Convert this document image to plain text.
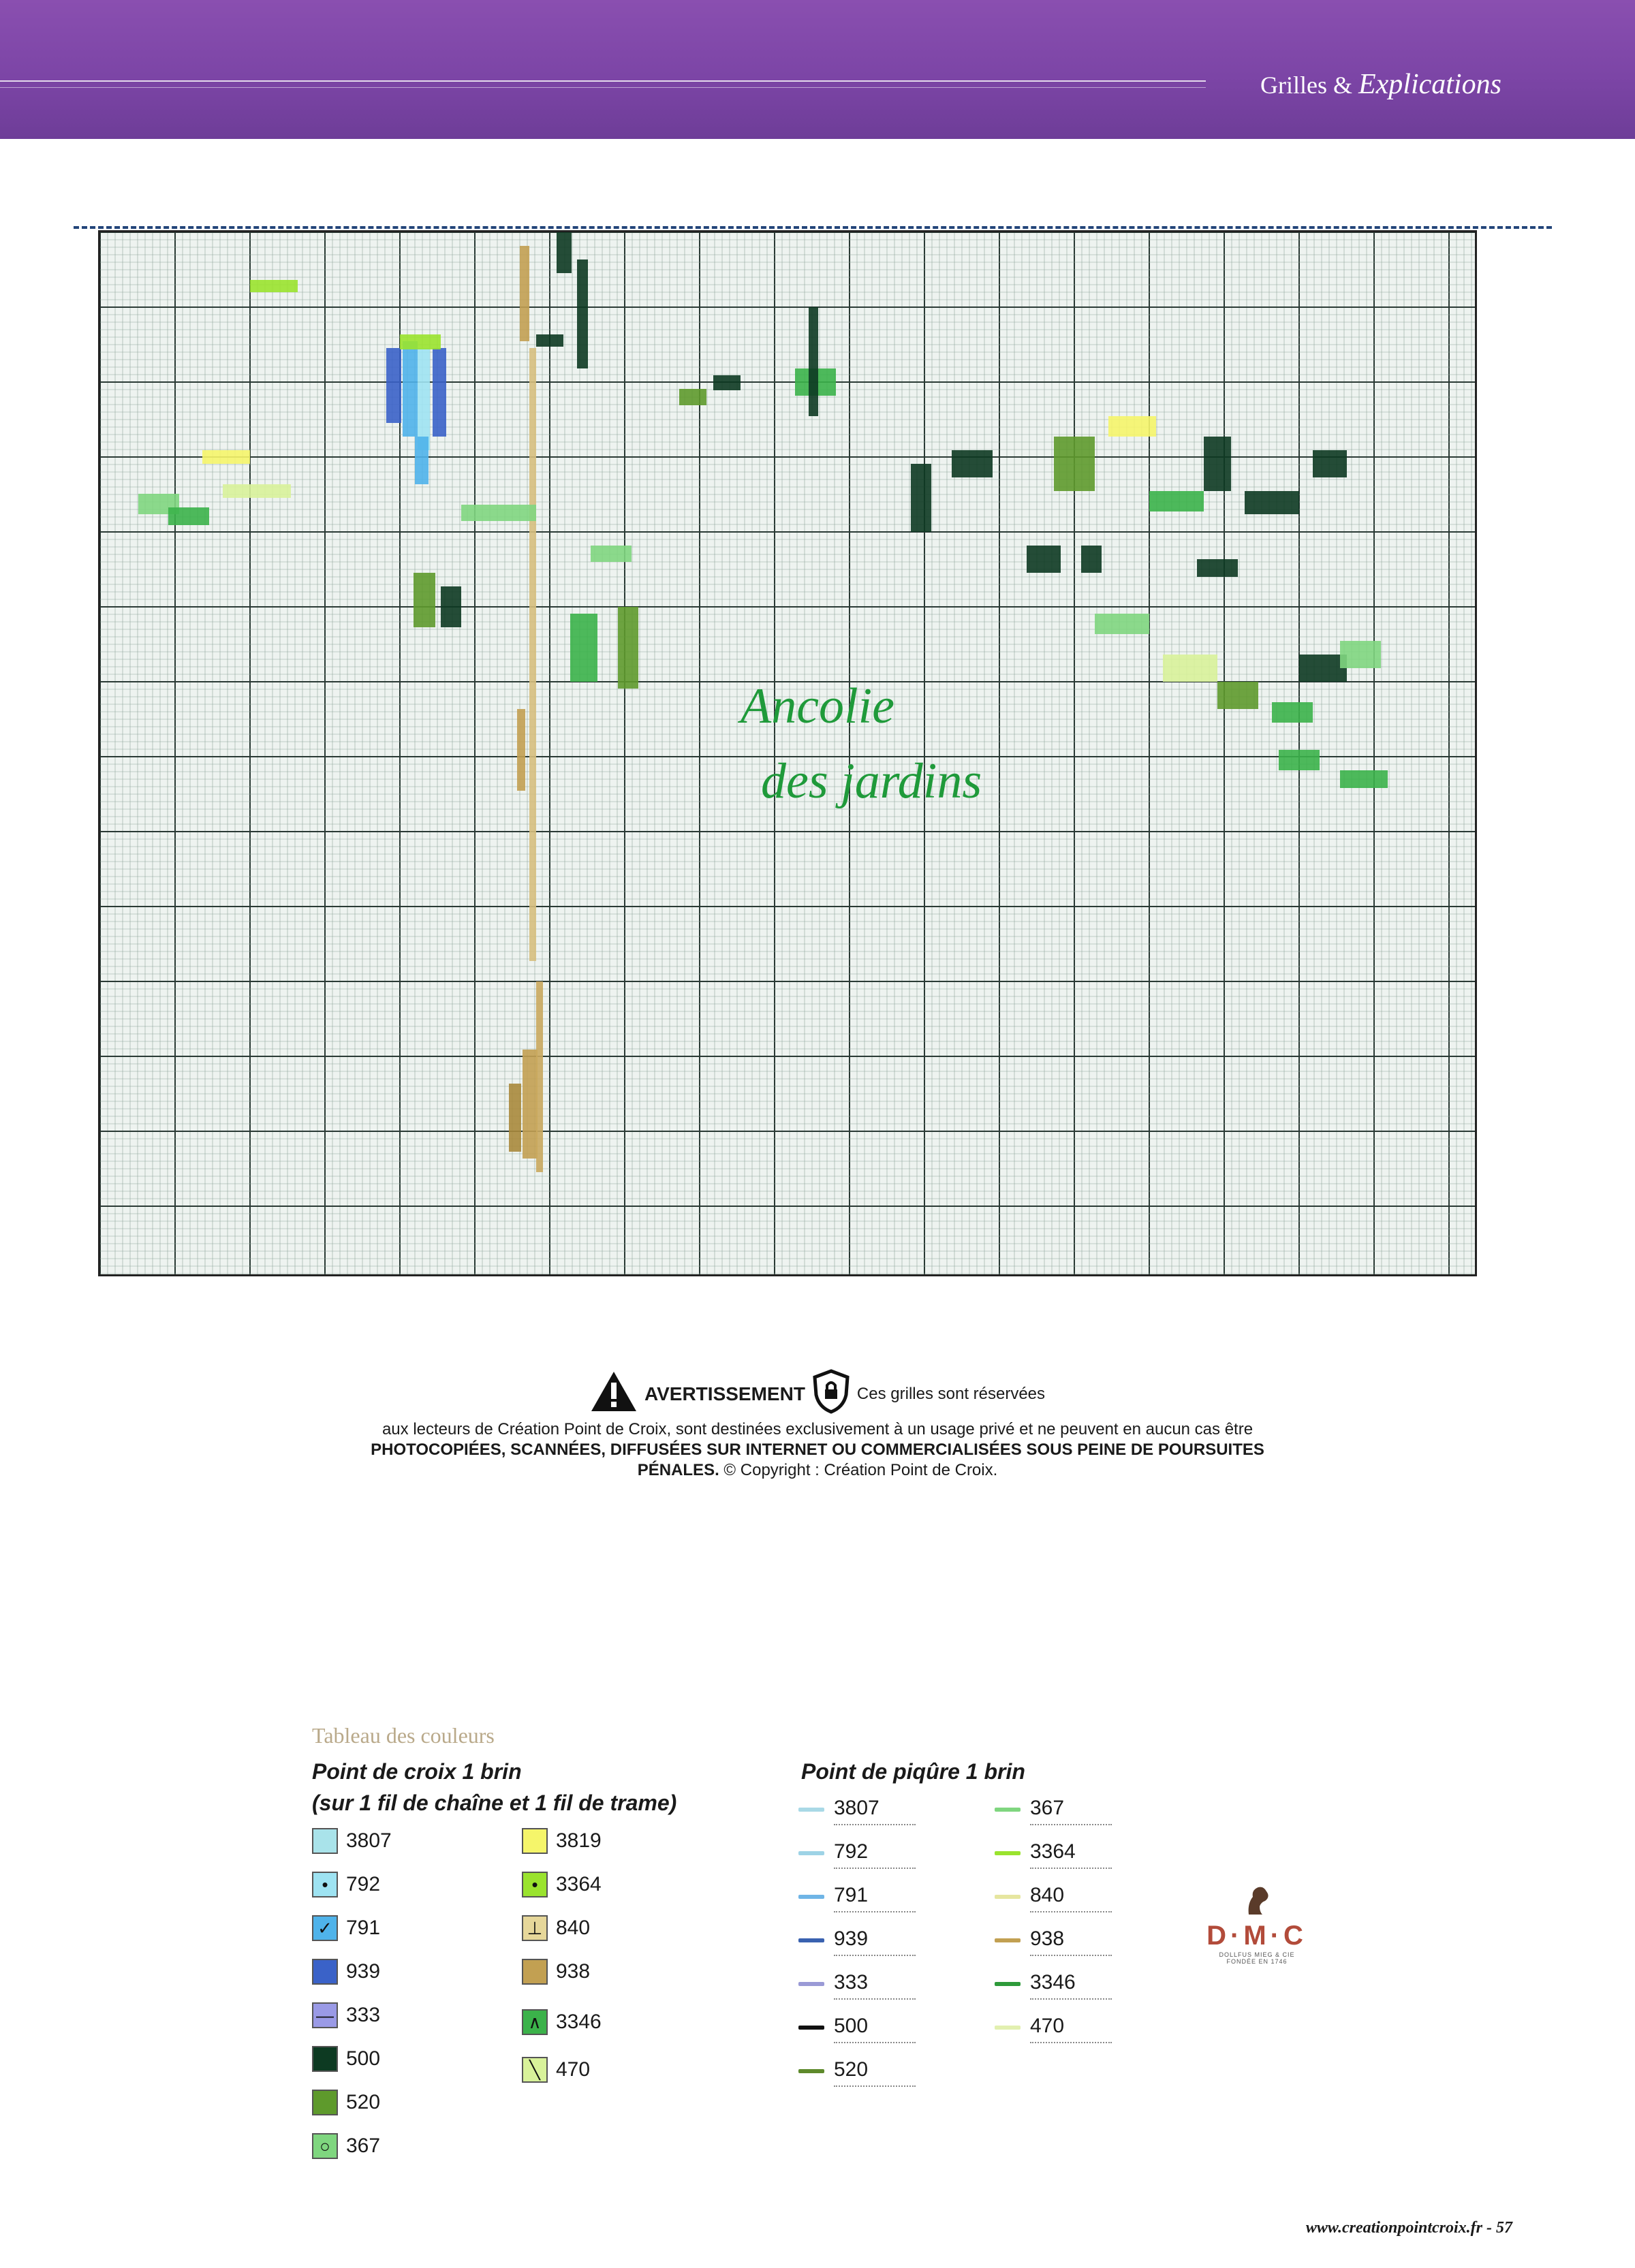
Grilles & Explications
Ancolie
des jardins
AVERTISSEMENT	Ces grilles sont réservées
aux lecteurs de Création Point de Croix, sont destinées exclusivement à un usage privé et ne peuvent en aucun cas être
PHOTOCOPIÉES, SCANNÉES, DIFFUSÉES SUR INTERNET OU COMMERCIALISÉES SOUS PEINE DE POURSUITES
PÉNALES. © Copyright : Création Point de Croix.
Tableau des couleurs
Point de croix 1 brin
(sur 1 fil de chaîne et 1 fil de trame)
Point de piqûre 1 brin
3807
• 792
✓ 791
939
— 333
500
520
○ 367
3819
• 3364
⊥ 840
938
∧ 3346
╲ 470
3807
792
791
939
333
500
520
367
3364
840
938
3346
470
D·M·C
DOLLFUS MIEG & CIE
FONDÉE EN 1746
www.creationpointcroix.fr - 57
